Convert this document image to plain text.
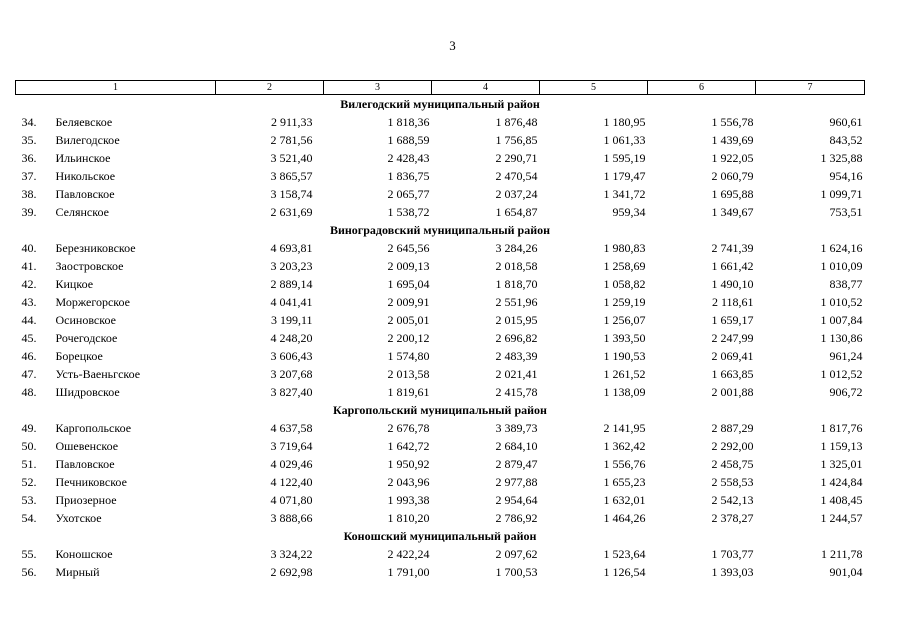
3
1		2	3	4	5	6	7
Вилегодский муниципальный район							
34.	Беляевское	2 911,33	1 818,36	1 876,48	1 180,95	1 556,78	960,61
35.	Вилегодское	2 781,56	1 688,59	1 756,85	1 061,33	1 439,69	843,52
36.	Ильинское	3 521,40	2 428,43	2 290,71	1 595,19	1 922,05	1 325,88
37.	Никольское	3 865,57	1 836,75	2 470,54	1 179,47	2 060,79	954,16
38.	Павловское	3 158,74	2 065,77	2 037,24	1 341,72	1 695,88	1 099,71
39.	Селянское	2 631,69	1 538,72	1 654,87	959,34	1 349,67	753,51
Виноградовский муниципальный район							
40.	Березниковское	4 693,81	2 645,56	3 284,26	1 980,83	2 741,39	1 624,16
41.	Заостровское	3 203,23	2 009,13	2 018,58	1 258,69	1 661,42	1 010,09
42.	Кицкое	2 889,14	1 695,04	1 818,70	1 058,82	1 490,10	838,77
43.	Моржегорское	4 041,41	2 009,91	2 551,96	1 259,19	2 118,61	1 010,52
44.	Осиновское	3 199,11	2 005,01	2 015,95	1 256,07	1 659,17	1 007,84
45.	Рочегодское	4 248,20	2 200,12	2 696,82	1 393,50	2 247,99	1 130,86
46.	Борецкое	3 606,43	1 574,80	2 483,39	1 190,53	2 069,41	961,24
47.	Усть-Ваеньгское	3 207,68	2 013,58	2 021,41	1 261,52	1 663,85	1 012,52
48.	Шидровское	3 827,40	1 819,61	2 415,78	1 138,09	2 001,88	906,72
Каргопольский муниципальный район							
49.	Каргопольское	4 637,58	2 676,78	3 389,73	2 141,95	2 887,29	1 817,76
50.	Ошевенское	3 719,64	1 642,72	2 684,10	1 362,42	2 292,00	1 159,13
51.	Павловское	4 029,46	1 950,92	2 879,47	1 556,76	2 458,75	1 325,01
52.	Печниковское	4 122,40	2 043,96	2 977,88	1 655,23	2 558,53	1 424,84
53.	Приозерное	4 071,80	1 993,38	2 954,64	1 632,01	2 542,13	1 408,45
54.	Ухотское	3 888,66	1 810,20	2 786,92	1 464,26	2 378,27	1 244,57
Коношский муниципальный район							
55.	Коношское	3 324,22	2 422,24	2 097,62	1 523,64	1 703,77	1 211,78
56.	Мирный	2 692,98	1 791,00	1 700,53	1 126,54	1 393,03	901,04
